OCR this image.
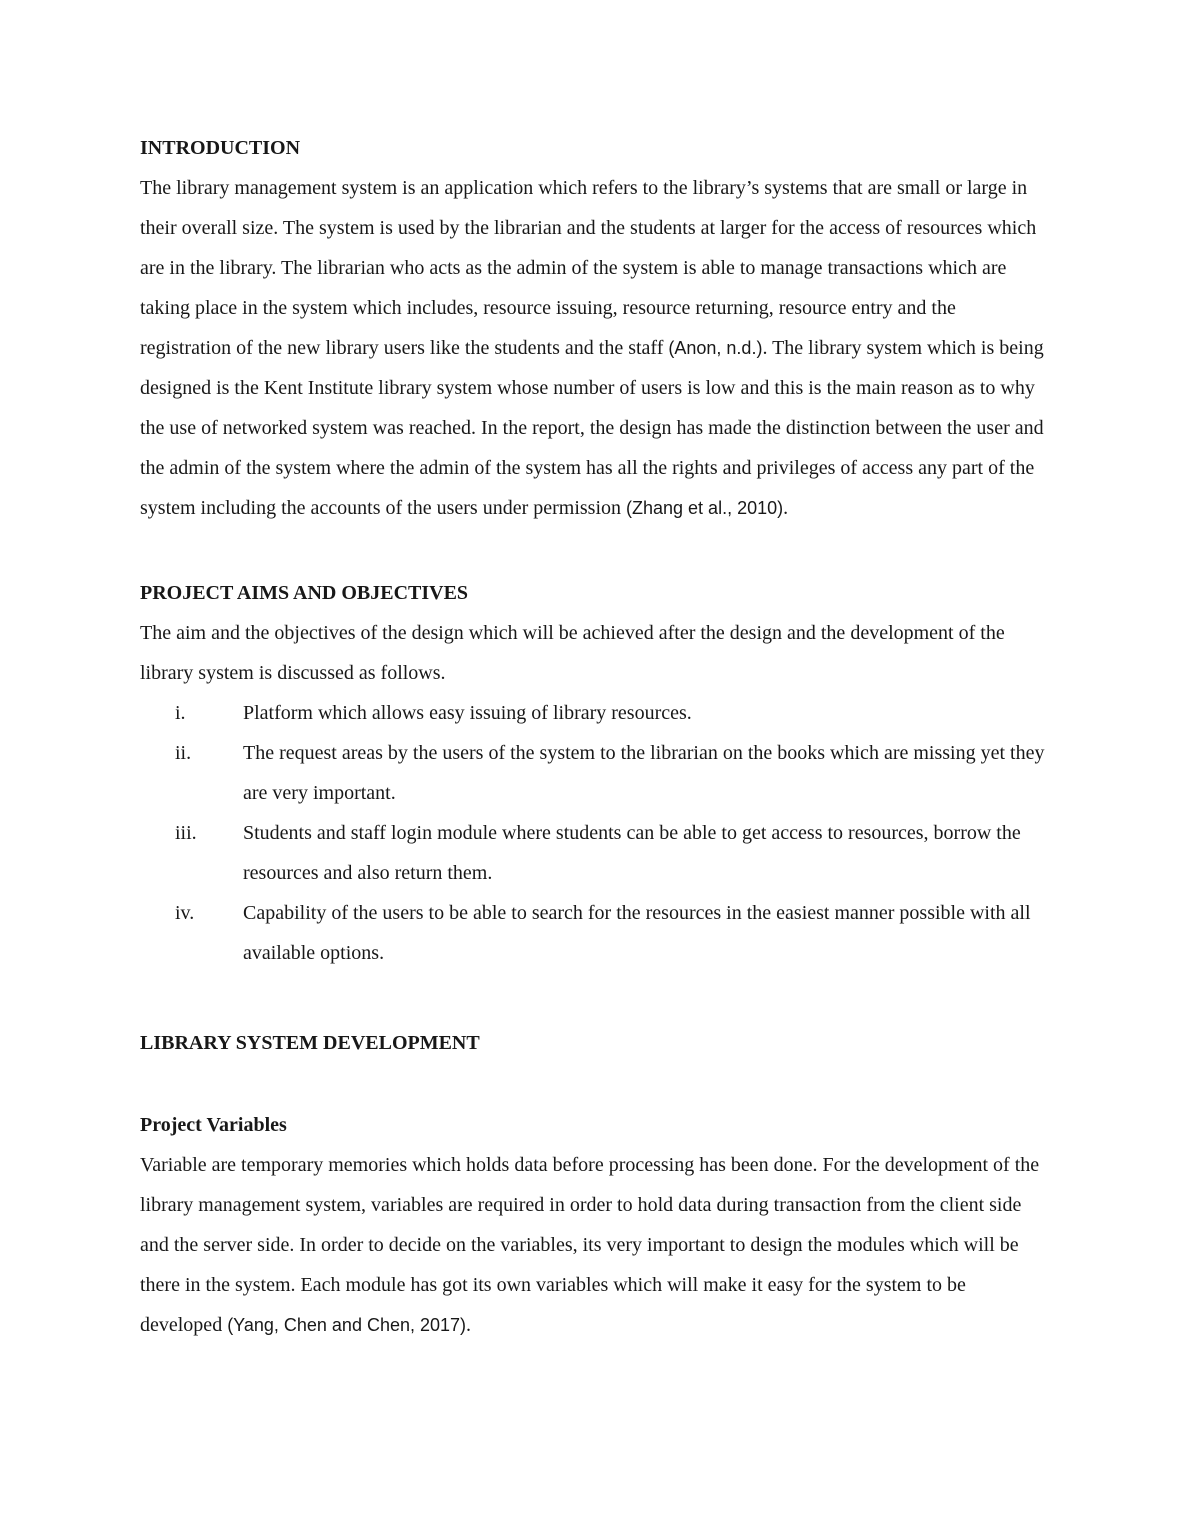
INTRODUCTION

The library management system is an application which refers to the library’s systems that are small or large in their overall size. The system is used by the librarian and the students at larger for the access of resources which are in the library. The librarian who acts as the admin of the system is able to manage transactions which are taking place in the system which includes, resource issuing, resource returning, resource entry and the registration of the new library users like the students and the staff (Anon, n.d.). The library system which is being designed is the Kent Institute library system whose number of users is low and this is the main reason as to why the use of networked system was reached. In the report, the design has made the distinction between the user and the admin of the system where the admin of the system has all the rights and privileges of access any part of the system including the accounts of the users under permission (Zhang et al., 2010).

PROJECT AIMS AND OBJECTIVES

The aim and the objectives of the design which will be achieved after the design and the development of the library system is discussed as follows.

i.	Platform which allows easy issuing of library resources.
ii.	The request areas by the users of the system to the librarian on the books which are missing yet they are very important.
iii. Students and staff login module where students can be able to get access to resources, borrow the resources and also return them.
iv. Capability of the users to be able to search for the resources in the easiest manner possible with all available options.
LIBRARY SYSTEM DEVELOPMENT
Project Variables

Variable are temporary memories which holds data before processing has been done. For the development of the library management system, variables are required in order to hold data during transaction from the client side and the server side. In order to decide on the variables, its very important to design the modules which will be there in the system. Each module has got its own variables which will make it easy for the system to be developed (Yang, Chen and Chen, 2017).
